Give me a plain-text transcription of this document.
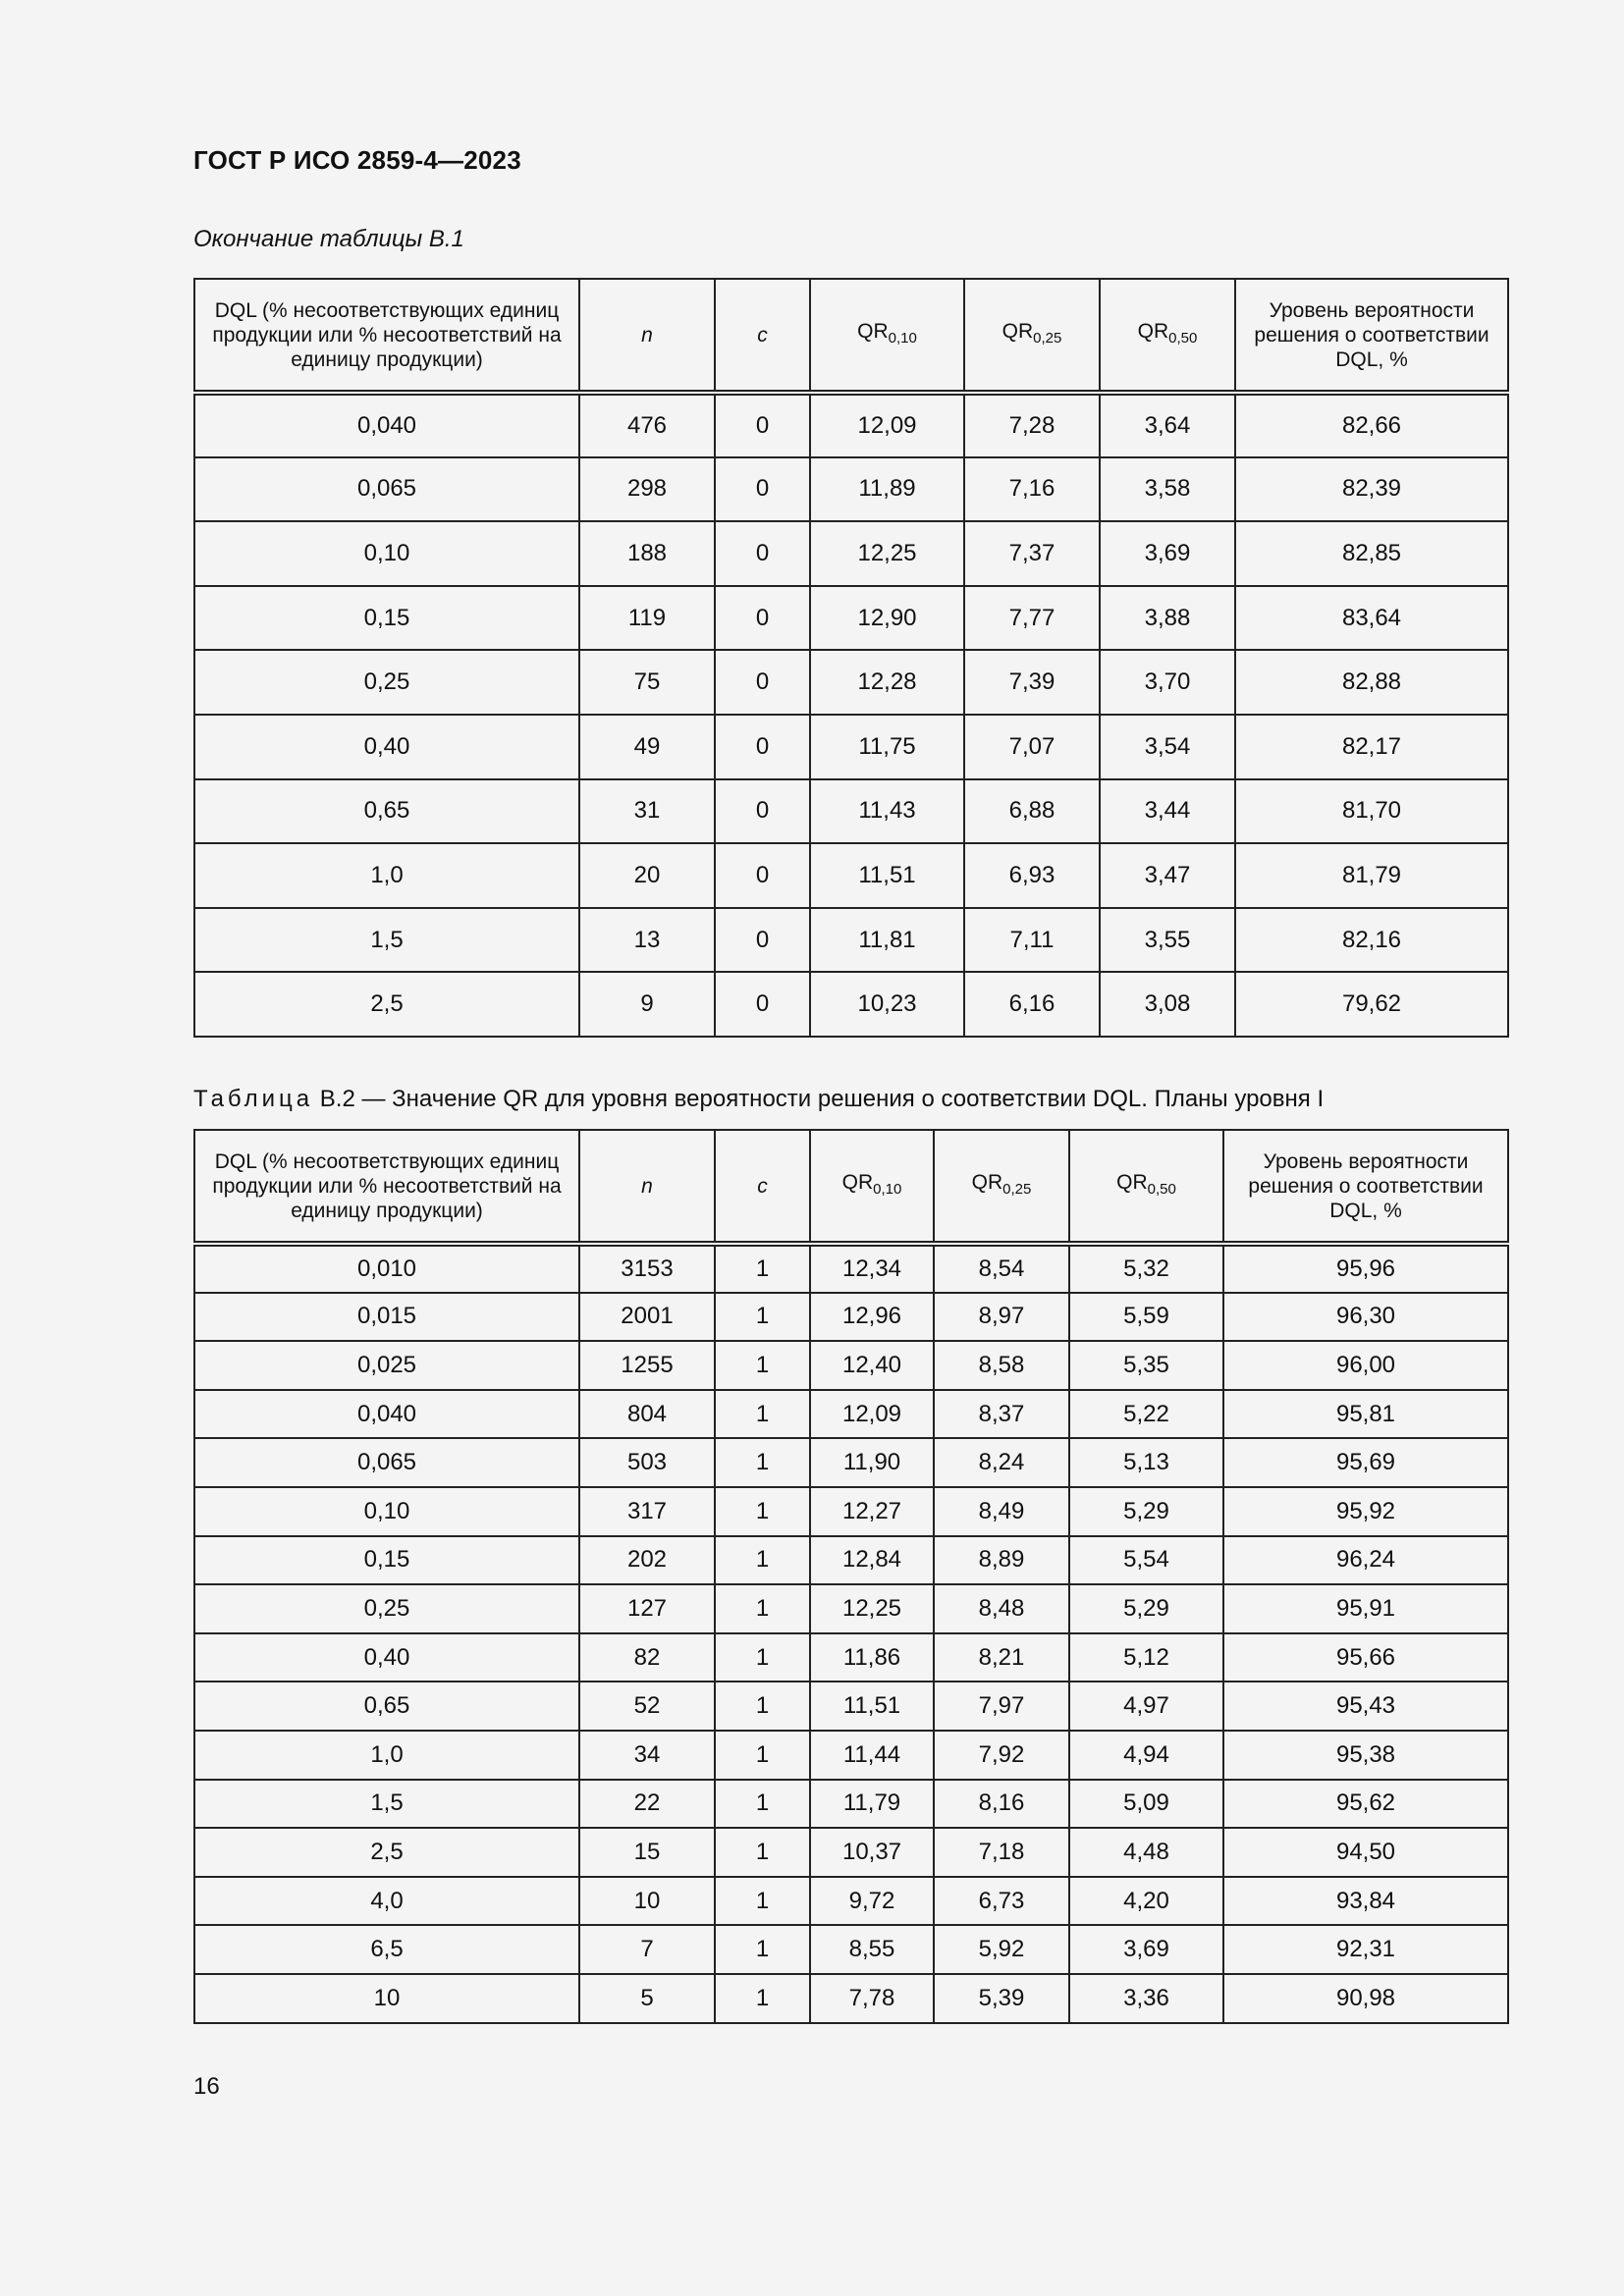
ГОСТ Р ИСО 2859-4—2023
Окончание таблицы В.1
DQL (% несоответствующих единиц продукции или % несоответствий на единицу продукции)	n	c	$QR_{0,10}$	$QR_{0,25}$	$QR_{0,50}$	Уровень вероятности решения о соответствии DQL, %
0,040	476	0	12,09	7,28	3,64	82,66
0,065	298	0	11,89	7,16	3,58	82,39
0,10	188	0	12,25	7,37	3,69	82,85
0,15	119	0	12,90	7,77	3,88	83,64
0,25	75	0	12,28	7,39	3,70	82,88
0,40	49	0	11,75	7,07	3,54	82,17
0,65	31	0	11,43	6,88	3,44	81,70
1,0	20	0	11,51	6,93	3,47	81,79
1,5	13	0	11,81	7,11	3,55	82,16
2,5	9	0	10,23	6,16	3,08	79,62
Таблица В.2 — Значение QR для уровня вероятности решения о соответствии DQL. Планы уровня I
DQL (% несоответствующих единиц продукции или % несоответствий на единицу продукции)	n	c	$QR_{0,10}$	$QR_{0,25}$	$QR_{0,50}$	Уровень вероятности решения о соответствии DQL, %
0,010	3153	1	12,34	8,54	5,32	95,96
0,015	2001	1	12,96	8,97	5,59	96,30
0,025	1255	1	12,40	8,58	5,35	96,00
0,040	804	1	12,09	8,37	5,22	95,81
0,065	503	1	11,90	8,24	5,13	95,69
0,10	317	1	12,27	8,49	5,29	95,92
0,15	202	1	12,84	8,89	5,54	96,24
0,25	127	1	12,25	8,48	5,29	95,91
0,40	82	1	11,86	8,21	5,12	95,66
0,65	52	1	11,51	7,97	4,97	95,43
1,0	34	1	11,44	7,92	4,94	95,38
1,5	22	1	11,79	8,16	5,09	95,62
2,5	15	1	10,37	7,18	4,48	94,50
4,0	10	1	9,72	6,73	4,20	93,84
6,5	7	1	8,55	5,92	3,69	92,31
10	5	1	7,78	5,39	3,36	90,98
16
